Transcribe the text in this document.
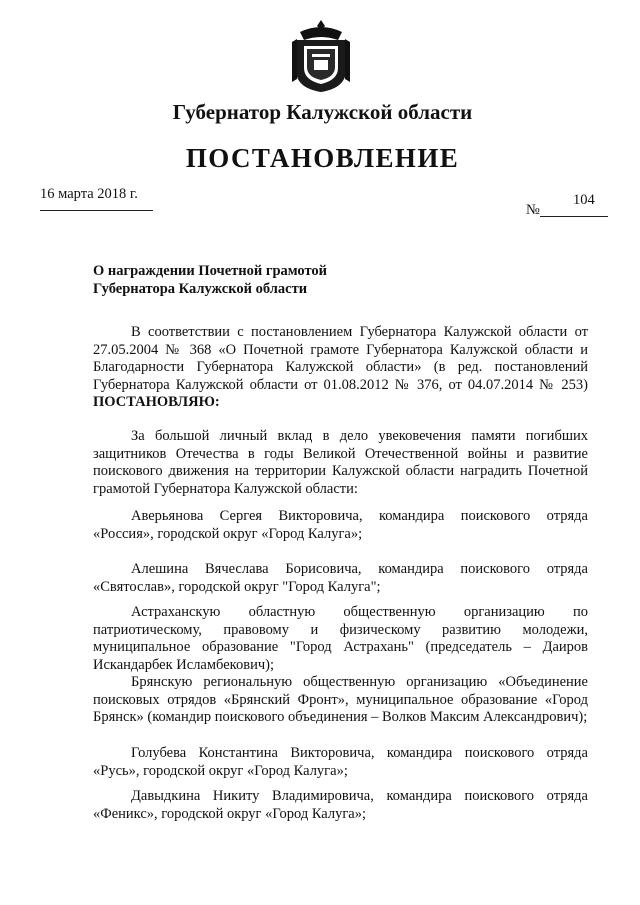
Губернатор Калужской области
ПОСТАНОВЛЕНИЕ
16 марта 2018 г.	104
№
О награждении Почетной грамотой
Губернатора Калужской области
В соответствии с постановлением Губернатора Калужской области от 27.05.2004 № 368 «О Почетной грамоте Губернатора Калужской области и Благодарности Губернатора Калужской области» (в ред. постановлений Губернатора Калужской области от 01.08.2012 № 376, от 04.07.2014 № 253) ПОСТАНОВЛЯЮ:
За большой личный вклад в дело увековечения памяти погибших защитников Отечества в годы Великой Отечественной войны и развитие поискового движения на территории Калужской области наградить Почетной грамотой Губернатора Калужской области:
Аверьянова Сергея Викторовича, командира поискового отряда «Россия», городской округ «Город Калуга»;
Алешина Вячеслава Борисовича, командира поискового отряда «Святослав», городской округ "Город Калуга";
Астраханскую областную общественную организацию по патриотическому, правовому и физическому развитию молодежи, муниципальное образование "Город Астрахань" (председатель – Даиров Искандарбек Исламбекович);
Брянскую региональную общественную организацию «Объединение поисковых отрядов «Брянский Фронт», муниципальное образование «Город Брянск» (командир поискового объединения – Волков Максим Александрович);
Голубева Константина Викторовича, командира поискового отряда «Русь», городской округ «Город Калуга»;
Давыдкина Никиту Владимировича, командира поискового отряда «Феникс», городской округ «Город Калуга»;
